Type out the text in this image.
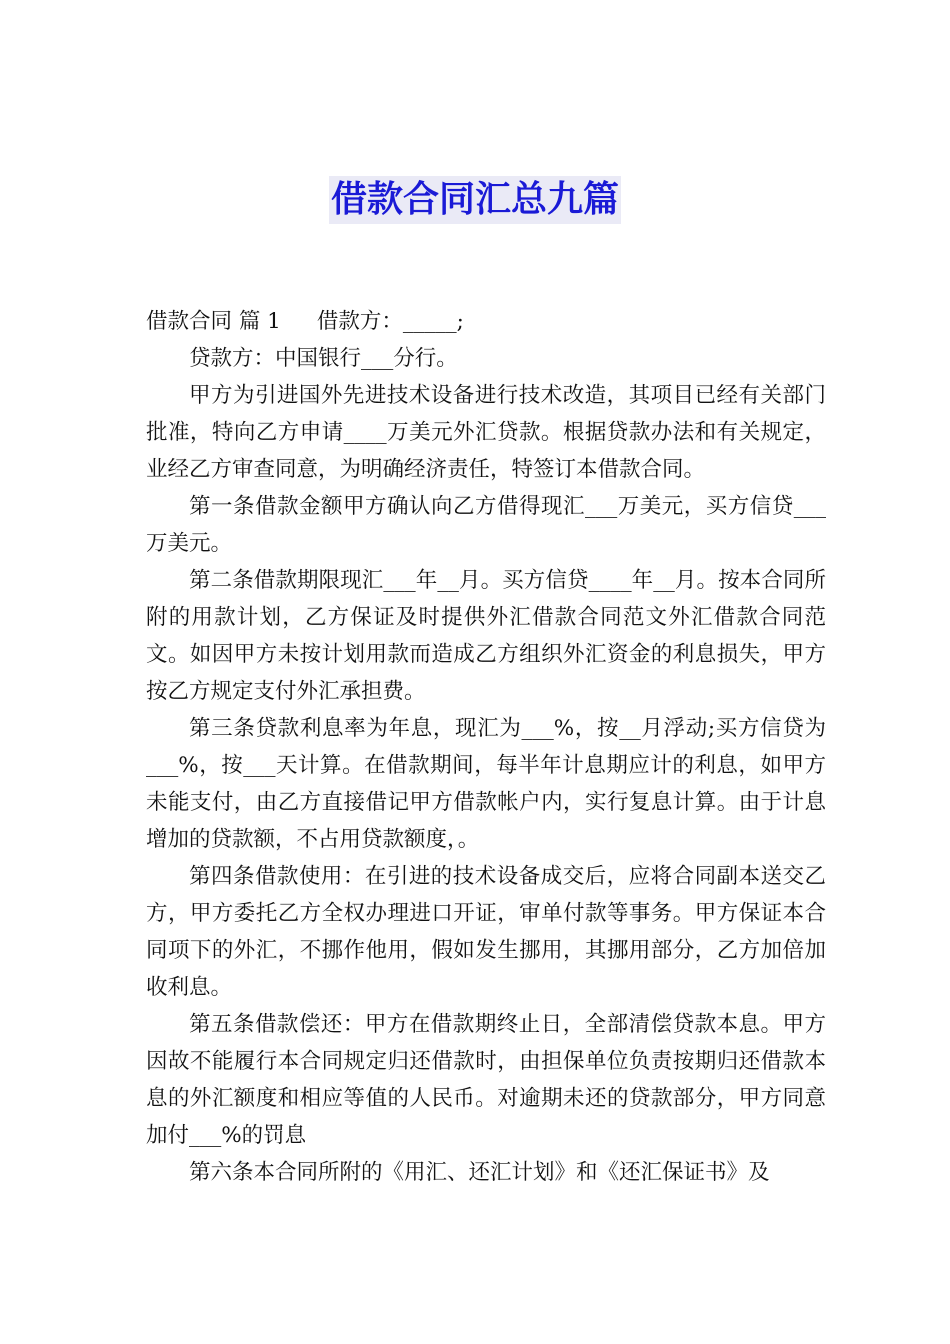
借款合同汇总九篇

借款合同 篇 1 借款方：_____;

贷款方：中国银行___分行。

甲方为引进国外先进技术设备进行技术改造，其项目已经有关部门批准，特向乙方申请____万美元外汇贷款。根据贷款办法和有关规定，业经乙方审查同意，为明确经济责任，特签订本借款合同。

第一条借款金额甲方确认向乙方借得现汇___万美元，买方信贷___万美元。

第二条借款期限现汇___年__月。买方信贷____年__月。按本合同所附的用款计划，乙方保证及时提供外汇借款合同范文外汇借款合同范文。如因甲方未按计划用款而造成乙方组织外汇资金的利息损失，甲方按乙方规定支付外汇承担费。

第三条贷款利息率为年息，现汇为___%，按__月浮动;买方信贷为___%，按___天计算。在借款期间，每半年计息期应计的利息，如甲方未能支付，由乙方直接借记甲方借款帐户内，实行复息计算。由于计息增加的贷款额，不占用贷款额度，。

第四条借款使用：在引进的技术设备成交后，应将合同副本送交乙方，甲方委托乙方全权办理进口开证，审单付款等事务。甲方保证本合同项下的外汇，不挪作他用，假如发生挪用，其挪用部分，乙方加倍加收利息。

第五条借款偿还：甲方在借款期终止日，全部清偿贷款本息。甲方因故不能履行本合同规定归还借款时，由担保单位负责按期归还借款本息的外汇额度和相应等值的人民币。对逾期未还的贷款部分，甲方同意加付___%的罚息

第六条本合同所附的《用汇、还汇计划》和《还汇保证书》及
